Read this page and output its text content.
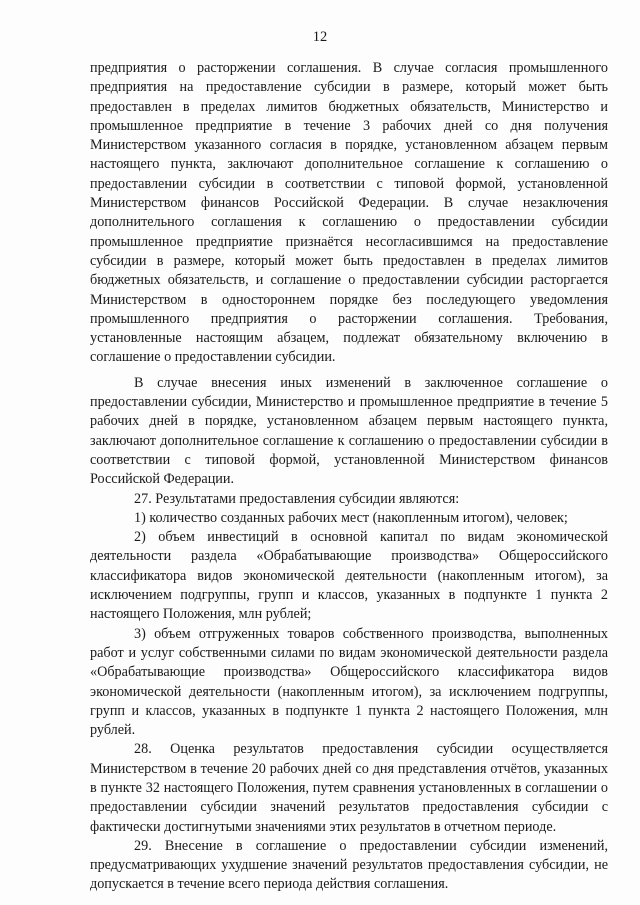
12

предприятия о расторжении соглашения. В случае согласия промышленного предприятия на предоставление субсидии в размере, который может быть предоставлен в пределах лимитов бюджетных обязательств, Министерство и промышленное предприятие в течение 3 рабочих дней со дня получения Министерством указанного согласия в порядке, установленном абзацем первым настоящего пункта, заключают дополнительное соглашение к соглашению о предоставлении субсидии в соответствии с типовой формой, установленной Министерством финансов Российской Федерации. В случае незаключения дополнительного соглашения к соглашению о предоставлении субсидии промышленное предприятие признаётся несогласившимся на предоставление субсидии в размере, который может быть предоставлен в пределах лимитов бюджетных обязательств, и соглашение о предоставлении субсидии расторгается Министерством в одностороннем порядке без последующего уведомления промышленного предприятия о расторжении соглашения. Требования, установленные настоящим абзацем, подлежат обязательному включению в соглашение о предоставлении субсидии.

В случае внесения иных изменений в заключенное соглашение о предоставлении субсидии, Министерство и промышленное предприятие в течение 5 рабочих дней в порядке, установленном абзацем первым настоящего пункта, заключают дополнительное соглашение к соглашению о предоставлении субсидии в соответствии с типовой формой, установленной Министерством финансов Российской Федерации.

27. Результатами предоставления субсидии являются:

1) количество созданных рабочих мест (накопленным итогом), человек;

2) объем инвестиций в основной капитал по видам экономической деятельности раздела «Обрабатывающие производства» Общероссийского классификатора видов экономической деятельности (накопленным итогом), за исключением подгруппы, групп и классов, указанных в подпункте 1 пункта 2 настоящего Положения, млн рублей;

3) объем отгруженных товаров собственного производства, выполненных работ и услуг собственными силами по видам экономической деятельности раздела «Обрабатывающие производства» Общероссийского классификатора видов экономической деятельности (накопленным итогом), за исключением подгруппы, групп и классов, указанных в подпункте 1 пункта 2 настоящего Положения, млн рублей.

28. Оценка результатов предоставления субсидии осуществляется Министерством в течение 20 рабочих дней со дня представления отчётов, указанных в пункте 32 настоящего Положения, путем сравнения установленных в соглашении о предоставлении субсидии значений результатов предоставления субсидии с фактически достигнутыми значениями этих результатов в отчетном периоде.

29. Внесение в соглашение о предоставлении субсидии изменений, предусматривающих ухудшение значений результатов предоставления субсидии, не допускается в течение всего периода действия соглашения.
